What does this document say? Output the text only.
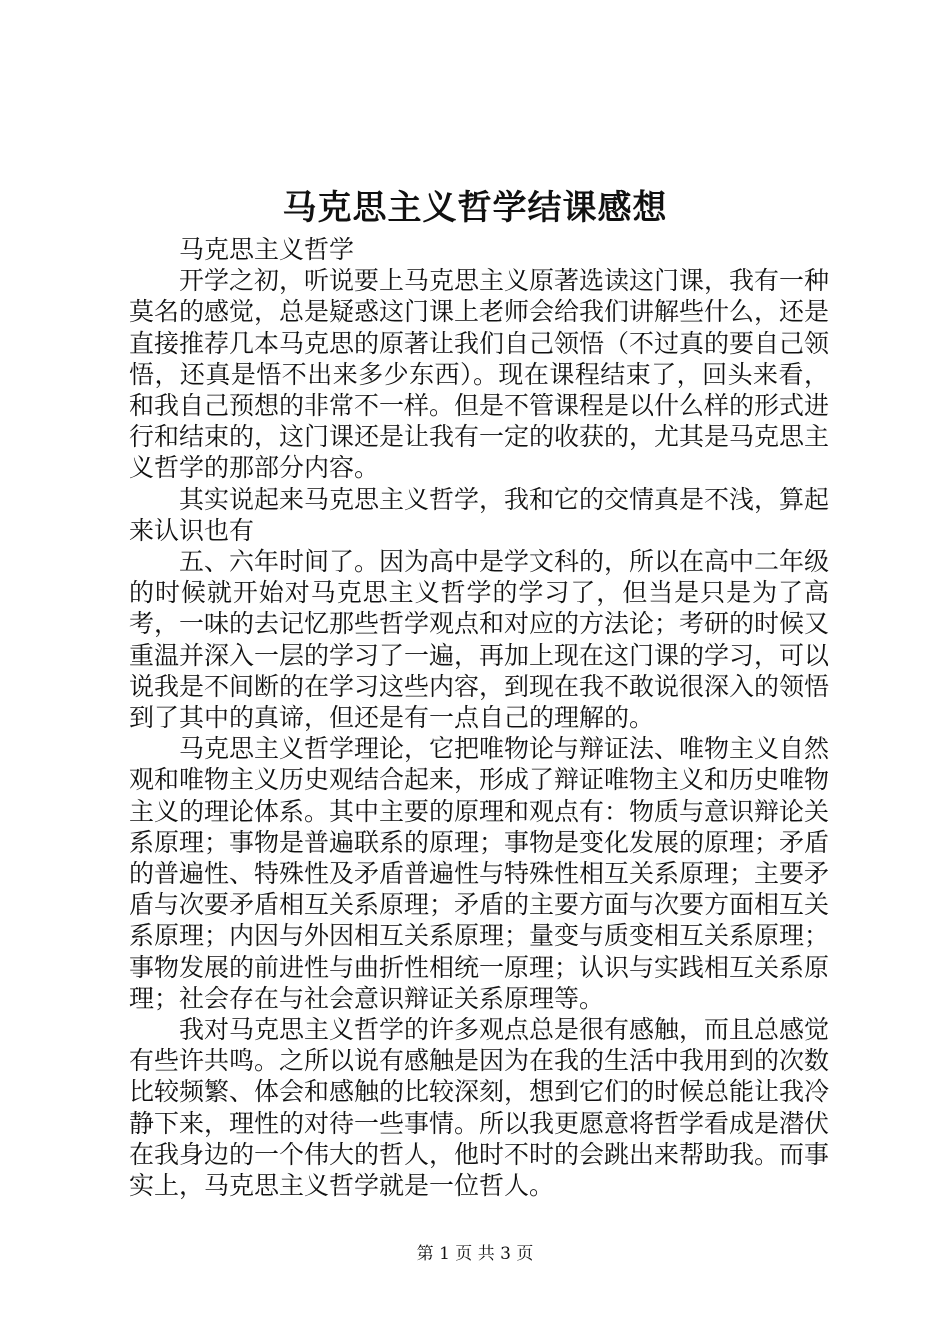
马克思主义哲学结课感想

马克思主义哲学

开学之初，听说要上马克思主义原著选读这门课，我有一种莫名的感觉，总是疑惑这门课上老师会给我们讲解些什么，还是直接推荐几本马克思的原著让我们自己领悟（不过真的要自己领悟，还真是悟不出来多少东西）。现在课程结束了，回头来看，和我自己预想的非常不一样。但是不管课程是以什么样的形式进行和结束的，这门课还是让我有一定的收获的，尤其是马克思主义哲学的那部分内容。

其实说起来马克思主义哲学，我和它的交情真是不浅，算起来认识也有

五、六年时间了。因为高中是学文科的，所以在高中二年级的时候就开始对马克思主义哲学的学习了，但当是只是为了高考，一味的去记忆那些哲学观点和对应的方法论；考研的时候又重温并深入一层的学习了一遍，再加上现在这门课的学习，可以说我是不间断的在学习这些内容，到现在我不敢说很深入的领悟到了其中的真谛，但还是有一点自己的理解的。

马克思主义哲学理论，它把唯物论与辩证法、唯物主义自然观和唯物主义历史观结合起来，形成了辩证唯物主义和历史唯物主义的理论体系。其中主要的原理和观点有：物质与意识辩论关系原理；事物是普遍联系的原理；事物是变化发展的原理；矛盾的普遍性、特殊性及矛盾普遍性与特殊性相互关系原理；主要矛盾与次要矛盾相互关系原理；矛盾的主要方面与次要方面相互关系原理；内因与外因相互关系原理；量变与质变相互关系原理；事物发展的前进性与曲折性相统一原理；认识与实践相互关系原理；社会存在与社会意识辩证关系原理等。

我对马克思主义哲学的许多观点总是很有感触，而且总感觉有些许共鸣。之所以说有感触是因为在我的生活中我用到的次数比较频繁、体会和感触的比较深刻，想到它们的时候总能让我冷静下来，理性的对待一些事情。所以我更愿意将哲学看成是潜伏在我身边的一个伟大的哲人，他时不时的会跳出来帮助我。而事实上，马克思主义哲学就是一位哲人。

第 1 页 共 3 页
